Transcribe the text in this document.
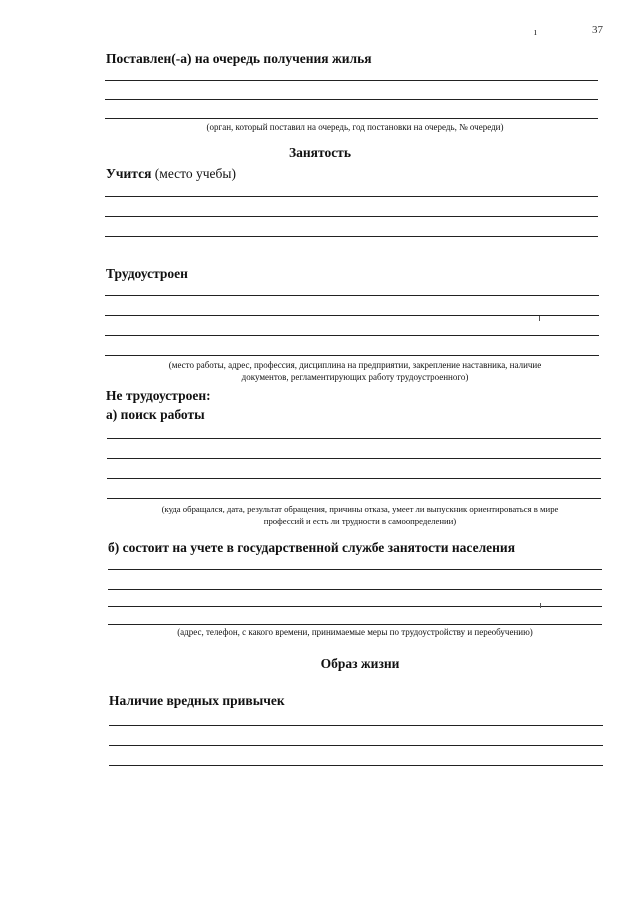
ı	37
Поставлен(-а) на очередь получения жилья
(орган, который поставил на очередь, год постановки на очередь, № очереди)
Занятость
Учится (место учебы)
Трудоустроен
(место работы, адрес, профессия, дисциплина на предприятии, закрепление наставника, наличие
документов, регламентирующих работу трудоустроенного)
Не трудоустроен:
а) поиск работы
(куда обращался, дата, результат обращения, причины отказа, умеет ли выпускник ориентироваться в мире
профессий и есть ли трудности в самоопределении)
б) состоит на учете в государственной службе занятости населения
(адрес, телефон, с какого времени, принимаемые меры по трудоустройству и переобучению)
Образ жизни
Наличие вредных привычек
